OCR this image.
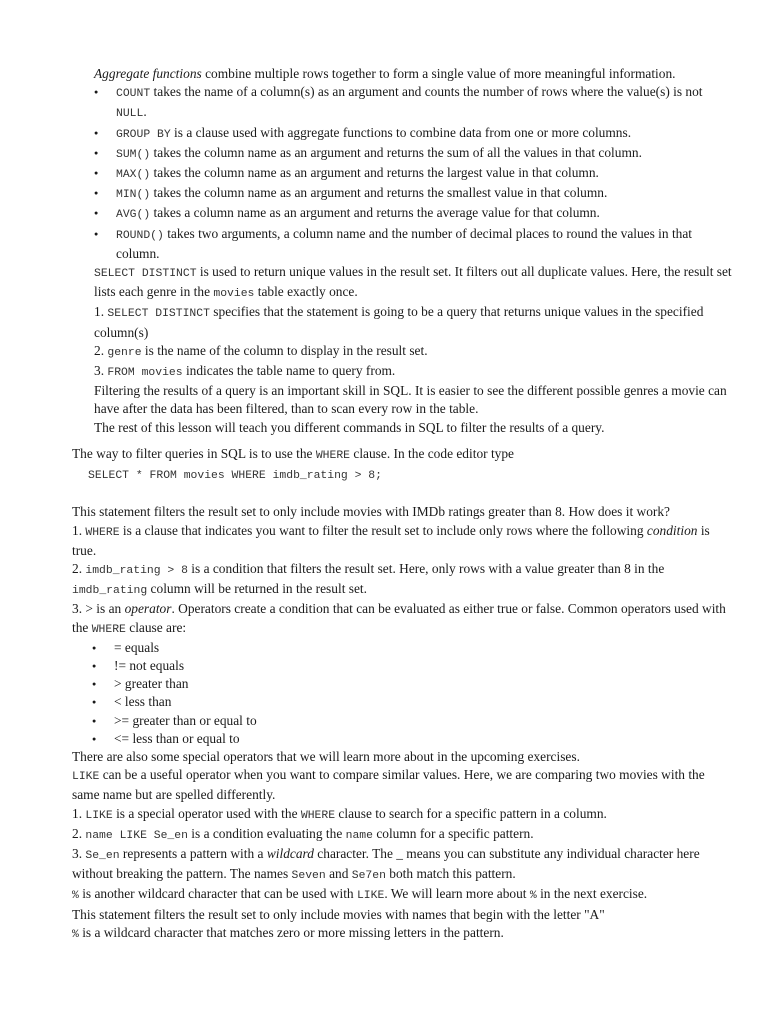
Aggregate functions combine multiple rows together to form a single value of more meaningful information.

● COUNT takes the name of a column(s) as an argument and counts the number of rows where the value(s) is not NULL.
● GROUP BY is a clause used with aggregate functions to combine data from one or more columns.
● SUM() takes the column name as an argument and returns the sum of all the values in that column.
● MAX() takes the column name as an argument and returns the largest value in that column.
● MIN() takes the column name as an argument and returns the smallest value in that column.
● AVG() takes a column name as an argument and returns the average value for that column.
● ROUND() takes two arguments, a column name and the number of decimal places to round the values in that column.

SELECT DISTINCT is used to return unique values in the result set. It filters out all duplicate values. Here, the result set lists each genre in the movies table exactly once.

1. SELECT DISTINCT specifies that the statement is going to be a query that returns unique values in the specified column(s)

2. genre is the name of the column to display in the result set.

3. FROM movies indicates the table name to query from.

Filtering the results of a query is an important skill in SQL. It is easier to see the different possible genres a movie can have after the data has been filtered, than to scan every row in the table.

The rest of this lesson will teach you different commands in SQL to filter the results of a query.

The way to filter queries in SQL is to use the WHERE clause. In the code editor type

SELECT * FROM movies WHERE imdb_rating > 8;

This statement filters the result set to only include movies with IMDb ratings greater than 8. How does it work?

1. WHERE is a clause that indicates you want to filter the result set to include only rows where the following condition is true.

2. imdb_rating > 8 is a condition that filters the result set. Here, only rows with a value greater than 8 in the imdb_rating column will be returned in the result set.

3. > is an operator. Operators create a condition that can be evaluated as either true or false. Common operators used with the WHERE clause are:

● = equals
● != not equals
● > greater than
● < less than
● >= greater than or equal to
● <= less than or equal to

There are also some special operators that we will learn more about in the upcoming exercises.

LIKE can be a useful operator when you want to compare similar values. Here, we are comparing two movies with the same name but are spelled differently.

1. LIKE is a special operator used with the WHERE clause to search for a specific pattern in a column.

2. name LIKE Se_en is a condition evaluating the name column for a specific pattern.

3. Se_en represents a pattern with a wildcard character. The _ means you can substitute any individual character here without breaking the pattern. The names Seven and Se7en both match this pattern.

% is another wildcard character that can be used with LIKE. We will learn more about % in the next exercise.

This statement filters the result set to only include movies with names that begin with the letter "A"

% is a wildcard character that matches zero or more missing letters in the pattern.
